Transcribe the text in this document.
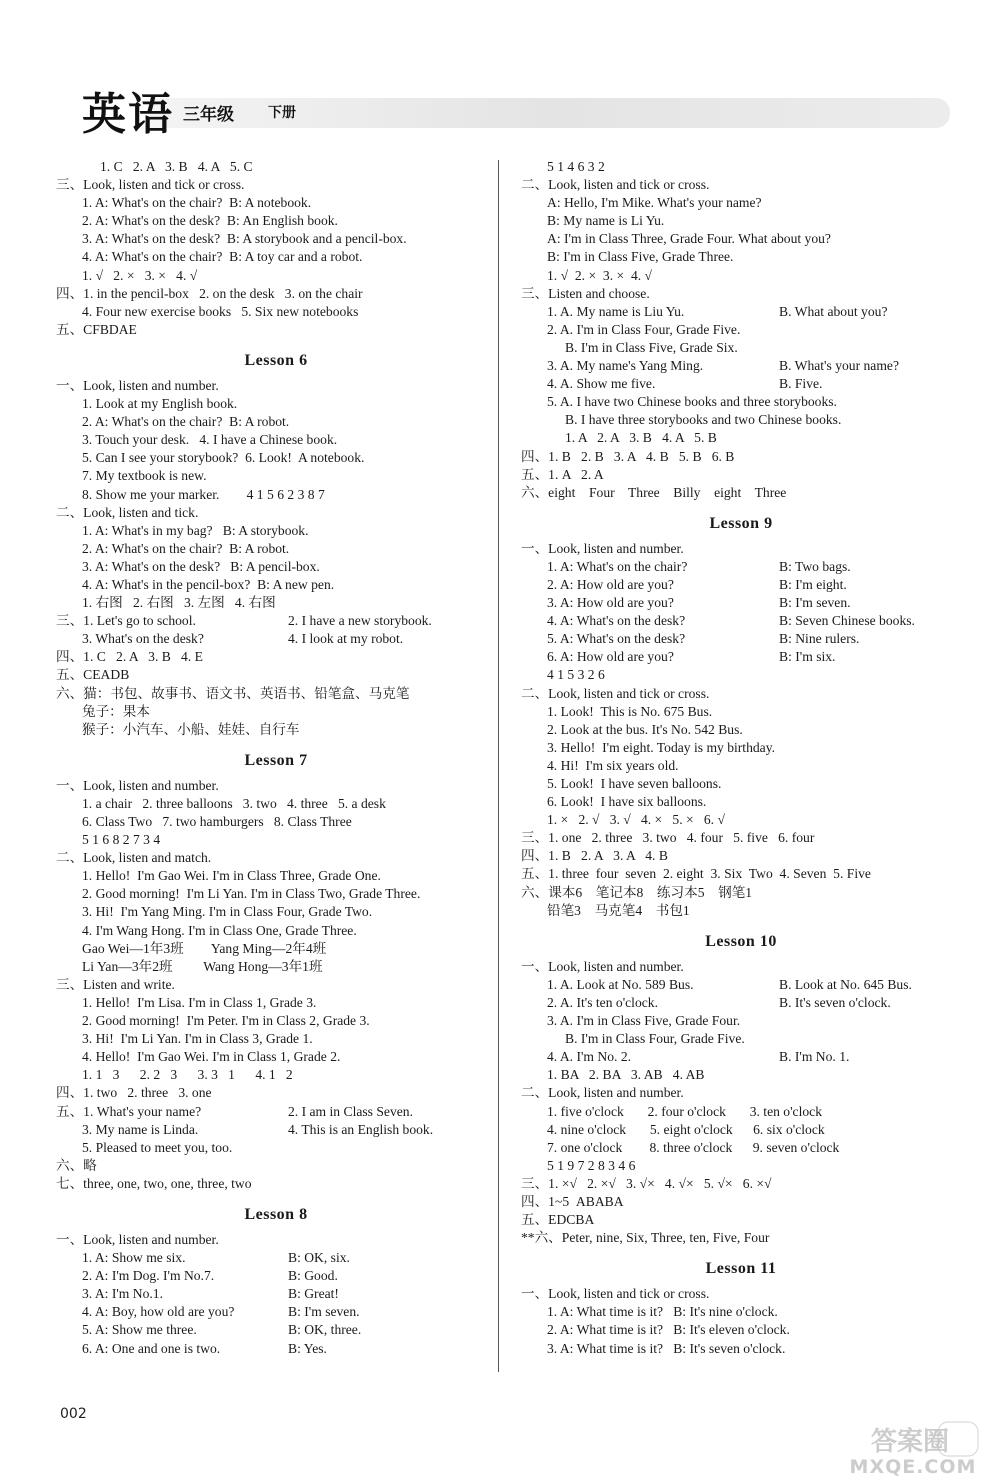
英语 三年级 下册
1. C   2. A   3. B   4. A   5. C
三、Look, listen and tick or cross.
1. A: What's on the chair?  B: A notebook.
2. A: What's on the desk?  B: An English book.
3. A: What's on the desk?  B: A storybook and a pencil-box.
4. A: What's on the chair?  B: A toy car and a robot.
1. √   2. ×   3. ×   4. √
四、1. in the pencil-box   2. on the desk   3. on the chair
4. Four new exercise books   5. Six new notebooks
五、CFBDAE
Lesson 6
一、Look, listen and number.
1. Look at my English book.
2. A: What's on the chair?  B: A robot.
3. Touch your desk.   4. I have a Chinese book.
5. Can I see your storybook?  6. Look!  A notebook.
7. My textbook is new.
8. Show me your marker.        4 1 5 6 2 3 8 7
二、Look, listen and tick.
1. A: What's in my bag?   B: A storybook.
2. A: What's on the chair?  B: A robot.
3. A: What's on the desk?   B: A pencil-box.
4. A: What's in the pencil-box?  B: A new pen.
1. 右图   2. 右图   3. 左图   4. 右图
三、1. Let's go to school.	2. I have a new storybook.
3. What's on the desk?	4. I look at my robot.
四、1. C   2. A   3. B   4. E
五、CEADB
六、猫：书包、故事书、语文书、英语书、铅笔盒、马克笔
兔子：果本
猴子：小汽车、小船、娃娃、自行车
Lesson 7
一、Look, listen and number.
1. a chair   2. three balloons   3. two   4. three   5. a desk
6. Class Two   7. two hamburgers   8. Class Three
5 1 6 8 2 7 3 4
二、Look, listen and match.
1. Hello!  I'm Gao Wei. I'm in Class Three, Grade One.
2. Good morning!  I'm Li Yan. I'm in Class Two, Grade Three.
3. Hi!  I'm Yang Ming. I'm in Class Four, Grade Two.
4. I'm Wang Hong. I'm in Class One, Grade Three.
Gao Wei—1年3班        Yang Ming—2年4班
Li Yan—3年2班         Wang Hong—3年1班
三、Listen and write.
1. Hello!  I'm Lisa. I'm in Class 1, Grade 3.
2. Good morning!  I'm Peter. I'm in Class 2, Grade 3.
3. Hi!  I'm Li Yan. I'm in Class 3, Grade 1.
4. Hello!  I'm Gao Wei. I'm in Class 1, Grade 2.
1. 1   3      2. 2   3      3. 3   1      4. 1   2
四、1. two   2. three   3. one
五、1. What's your name?	2. I am in Class Seven.
3. My name is Linda.	4. This is an English book.
5. Pleased to meet you, too.
六、略
七、three, one, two, one, three, two
Lesson 8
一、Look, listen and number.
1. A: Show me six.	B: OK, six.
2. A: I'm Dog. I'm No.7.	B: Good.
3. A: I'm No.1.	B: Great!
4. A: Boy, how old are you?	B: I'm seven.
5. A: Show me three.	B: OK, three.
6. A: One and one is two.	B: Yes.
5 1 4 6 3 2
二、Look, listen and tick or cross.
A: Hello, I'm Mike. What's your name?
B: My name is Li Yu.
A: I'm in Class Three, Grade Four. What about you?
B: I'm in Class Five, Grade Three.
1. √  2. ×  3. ×  4. √
三、Listen and choose.
1. A. My name is Liu Yu.	B. What about you?
2. A. I'm in Class Four, Grade Five.
B. I'm in Class Five, Grade Six.
3. A. My name's Yang Ming.	B. What's your name?
4. A. Show me five.	B. Five.
5. A. I have two Chinese books and three storybooks.
B. I have three storybooks and two Chinese books.
1. A   2. A   3. B   4. A   5. B
四、1. B   2. B   3. A   4. B   5. B   6. B
五、1. A   2. A
六、eight    Four    Three    Billy    eight    Three
Lesson 9
一、Look, listen and number.
1. A: What's on the chair?	B: Two bags.
2. A: How old are you?	B: I'm eight.
3. A: How old are you?	B: I'm seven.
4. A: What's on the desk?	B: Seven Chinese books.
5. A: What's on the desk?	B: Nine rulers.
6. A: How old are you?	B: I'm six.
4 1 5 3 2 6
二、Look, listen and tick or cross.
1. Look!  This is No. 675 Bus.
2. Look at the bus. It's No. 542 Bus.
3. Hello!  I'm eight. Today is my birthday.
4. Hi!  I'm six years old.
5. Look!  I have seven balloons.
6. Look!  I have six balloons.
1. ×   2. √   3. √   4. ×   5. ×   6. √
三、1. one   2. three   3. two   4. four   5. five   6. four
四、1. B   2. A   3. A   4. B
五、1. three  four  seven  2. eight  3. Six  Two  4. Seven  5. Five
六、课本6    笔记本8    练习本5    钢笔1
铅笔3    马克笔4    书包1
Lesson 10
一、Look, listen and number.
1. A. Look at No. 589 Bus.	B. Look at No. 645 Bus.
2. A. It's ten o'clock.	B. It's seven o'clock.
3. A. I'm in Class Five, Grade Four.
B. I'm in Class Four, Grade Five.
4. A. I'm No. 2.	B. I'm No. 1.
1. BA   2. BA   3. AB   4. AB
二、Look, listen and number.
1. five o'clock       2. four o'clock       3. ten o'clock
4. nine o'clock       5. eight o'clock      6. six o'clock
7. one o'clock        8. three o'clock      9. seven o'clock
5 1 9 7 2 8 3 4 6
三、1. ×√   2. ×√   3. √×   4. √×   5. √×   6. ×√
四、1~5  ABABA
五、EDCBA
**六、Peter, nine, Six, Three, ten, Five, Four
Lesson 11
一、Look, listen and tick or cross.
1. A: What time is it?   B: It's nine o'clock.
2. A: What time is it?   B: It's eleven o'clock.
3. A: What time is it?   B: It's seven o'clock.
002
答案圈
MXQE.COM
